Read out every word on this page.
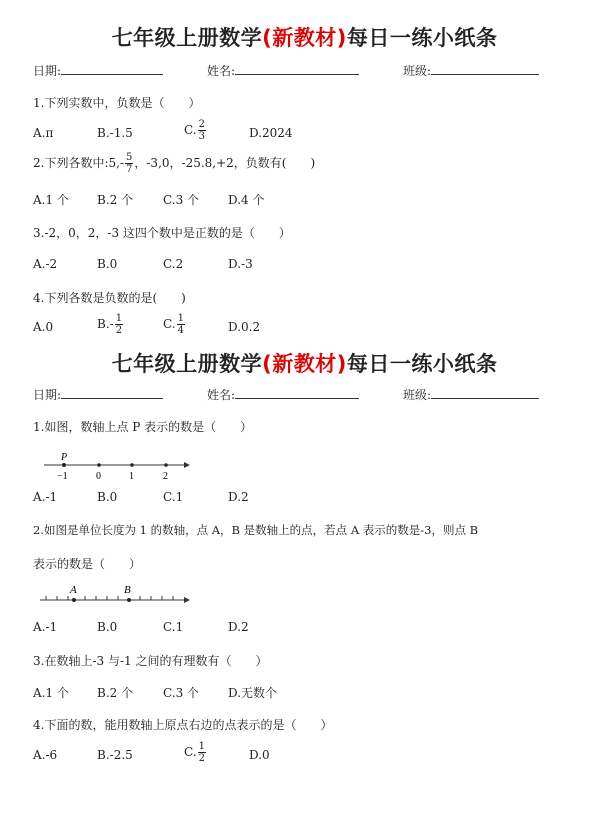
七年级上册数学(新教材)每日一练小纸条
日期:	姓名:	班级:
1.下列实数中，负数是（　　）
A.π	B.-1.5	C. $\frac{2}{3}$	D.2024
2.下列各数中:5,- $\frac{5}{7}$ ，-3,0，-25.8,+2，负数有(　　)
A.1 个 B.2 个 C.3 个 D.4 个
3.-2，0，2，-3 这四个数中是正数的是（　　）
A.-2	B.0	C.2	D.-3
4.下列各数是负数的是(　　)
A.0	$B.- \frac{1}{2}$	C. $\frac{1}{4}$	D.0.2
七年级上册数学(新教材)每日一练小纸条
日期:	姓名:	班级:
1.如图，数轴上点 P 表示的数是（　　）
P
−1	0	1	2
A.-1	B.0	C.1	D.2
2.如图是单位长度为 1 的数轴，点 A，B 是数轴上的点，若点 A 表示的数是-3，则点 B
表示的数是（　　）
A	B
A.-1	B.0	C.1	D.2
3.在数轴上-3 与-1 之间的有理数有（　　）
A.1 个 B.2 个 C.3 个 D.无数个
4.下面的数，能用数轴上原点右边的点表示的是（　　）
A.-6	B.-2.5	C. $\frac{1}{2}$	D.0
